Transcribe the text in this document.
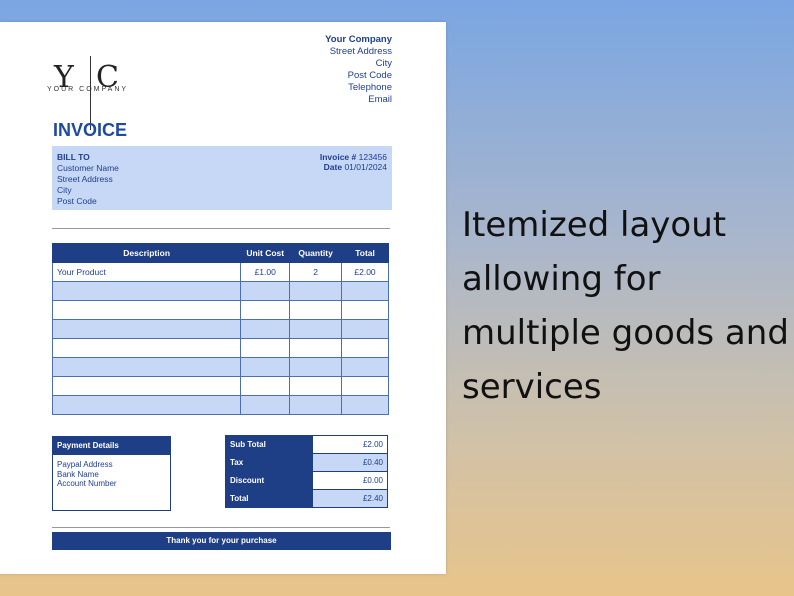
Y C
YOUR COMPANY
Your Company
Street Address
City
Post Code
Telephone
Email
INVOICE
BILL TO
Customer Name
Street Address
City
Post Code
Invoice # 123456
Date 01/01/2024
Description	Unit Cost	Quantity	Total
Your Product	£1.00	2	£2.00

Payment Details
Paypal Address
Bank Name
Account Number
Sub Total	£2.00
Tax	£0.40
Discount	£0.00
Total	£2.40
Thank you for your purchase
Itemized layout allowing for multiple goods and services
